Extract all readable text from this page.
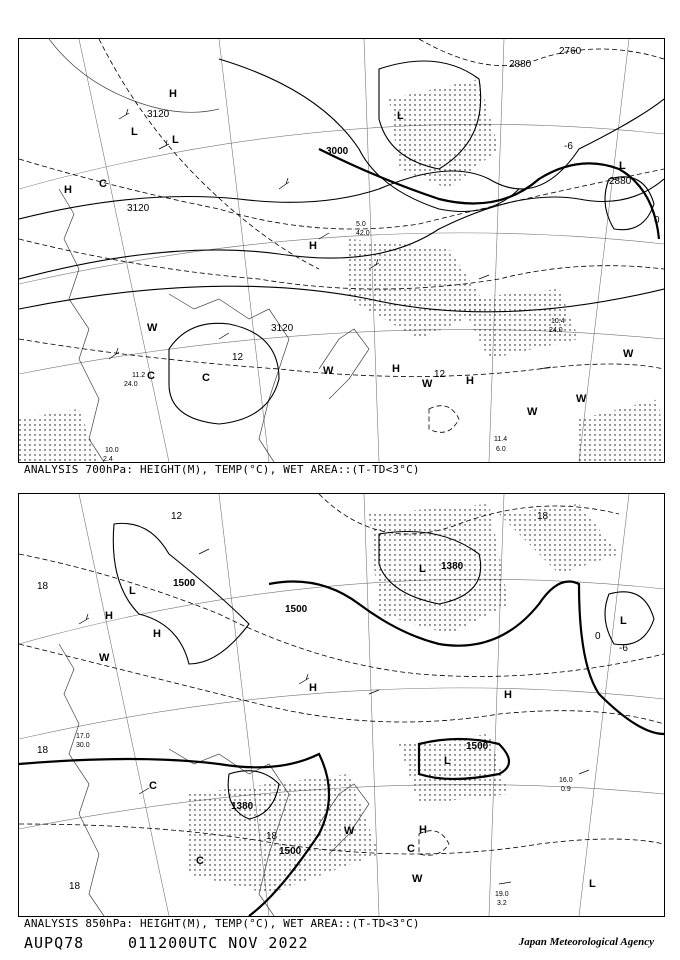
3120
3120
3000
2760
2880
2880
3120
-6
12
12
0
H
H
H
H
H
L
L
L
L
C
C	C
W
W
W
W
W
W
11.4
6.0
10.4
24.0
11.2
24.0
10.0
2.4
5.0
42.0
ANALYSIS 700hPa: HEIGHT(M), TEMP(°C), WET AREA::(T-TD<3°C)
1500
1500
1500
1500
1380
1380
12
18
18
18
18
18
0
-6
H
H
H
H
H
L
L
L
L
L
C
C
C
W
W
W
19.0
3.2
16.0
0.9
17.0
30.0
ANALYSIS 850hPa: HEIGHT(M), TEMP(°C), WET AREA::(T-TD<3°C)
AUPQ78	011200UTC NOV 2022	Japan Meteorological Agency
